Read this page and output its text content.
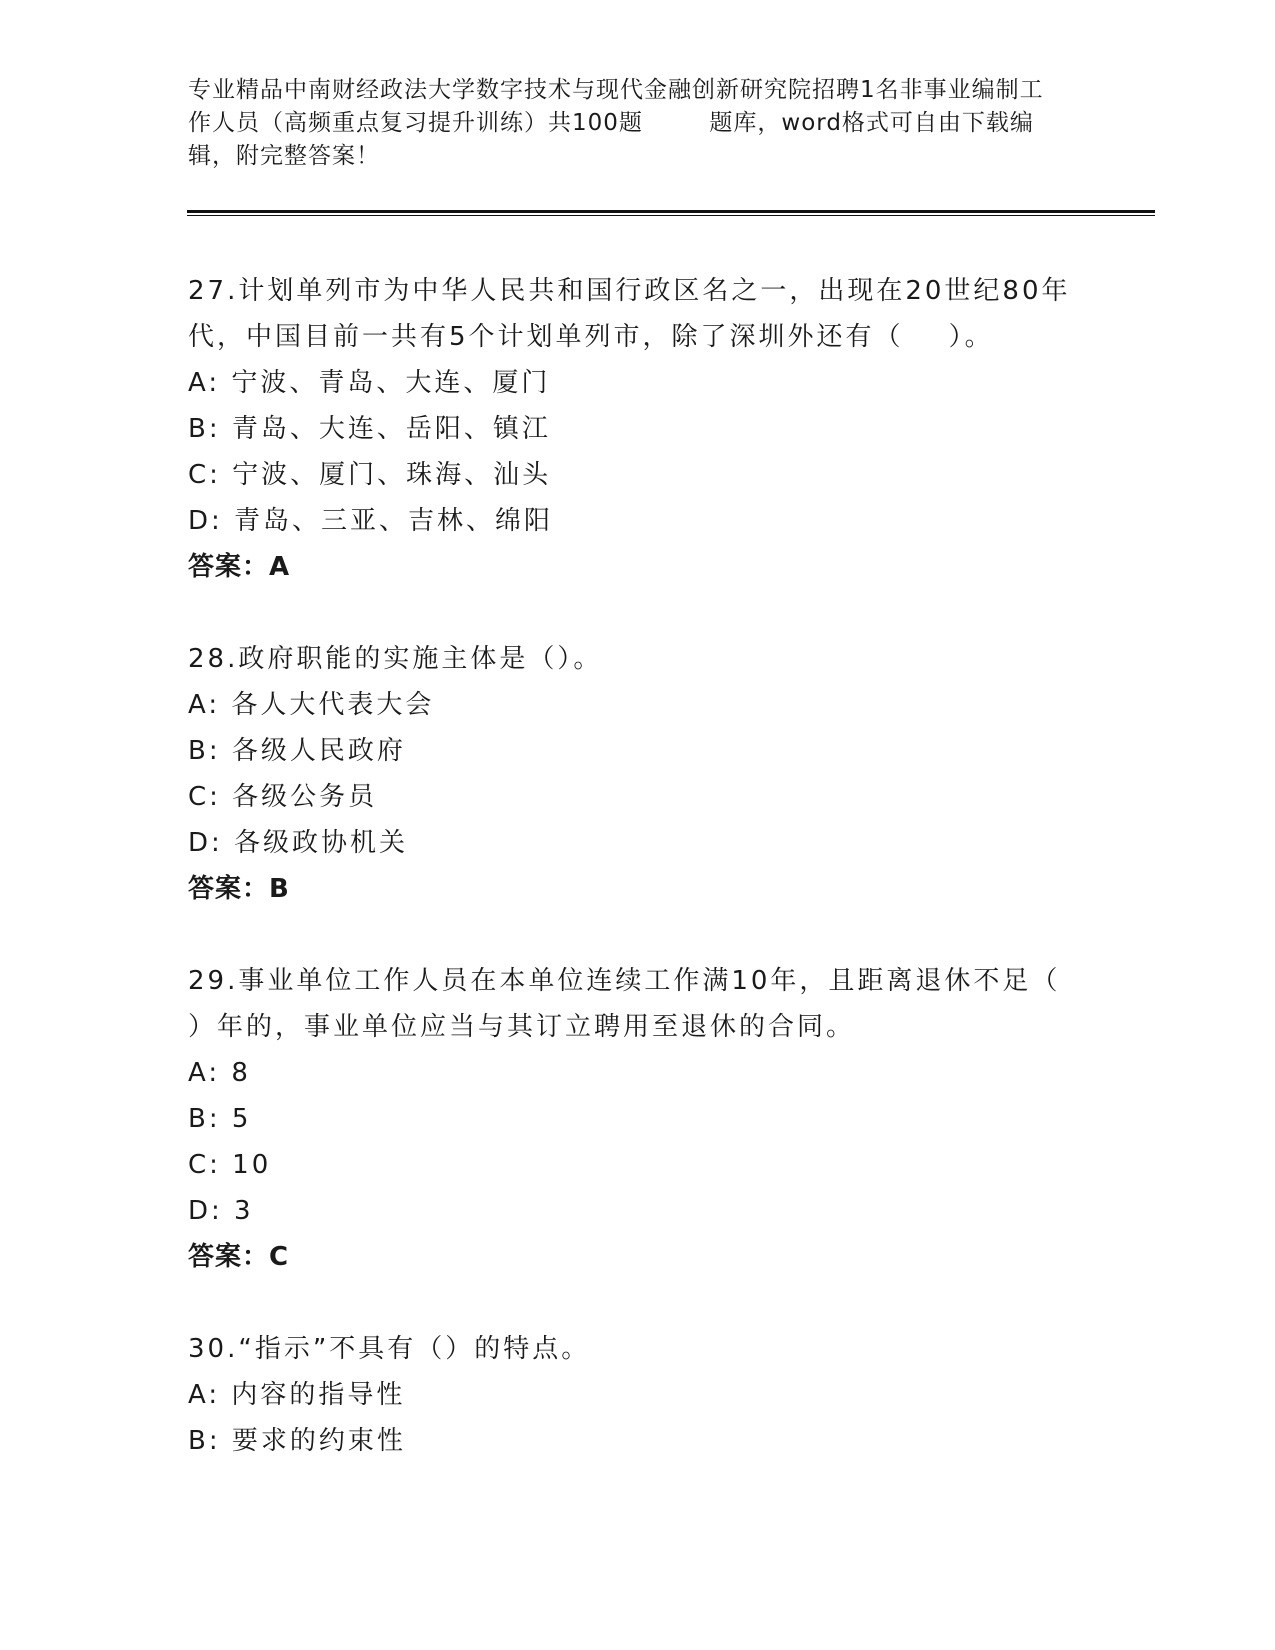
专业精品中南财经政法大学数字技术与现代金融创新研究院招聘1名非事业编制工
作人员（高频重点复习提升训练）共100题        题库，word格式可自由下载编
辑，附完整答案！
27.计划单列市为中华人民共和国行政区名之一，出现在20世纪80年
代，中国目前一共有5个计划单列市，除了深圳外还有（    ）。
A: 宁波、青岛、大连、厦门
B: 青岛、大连、岳阳、镇江
C: 宁波、厦门、珠海、汕头
D: 青岛、三亚、吉林、绵阳
答案：A
28.政府职能的实施主体是（）。
A: 各人大代表大会
B: 各级人民政府
C: 各级公务员
D: 各级政协机关
答案：B
29.事业单位工作人员在本单位连续工作满10年，且距离退休不足（
）年的，事业单位应当与其订立聘用至退休的合同。
A: 8
B: 5
C: 10
D: 3
答案：C
30.“指示”不具有（）的特点。
A: 内容的指导性
B: 要求的约束性
